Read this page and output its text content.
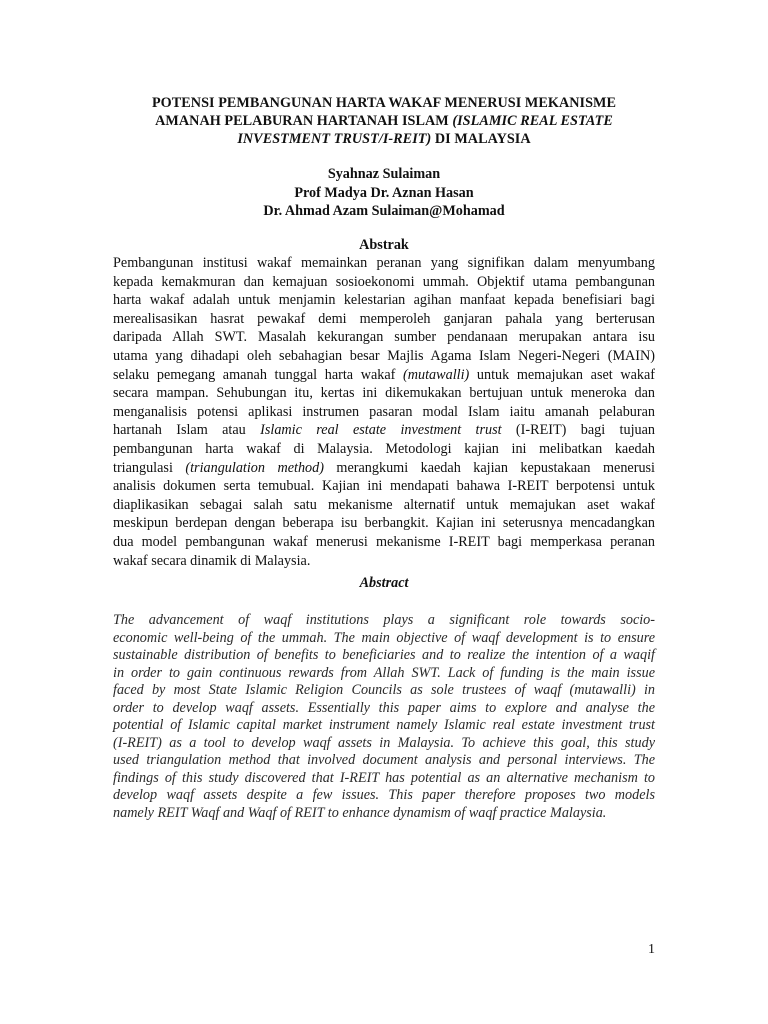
POTENSI PEMBANGUNAN HARTA WAKAF MENERUSI MEKANISME
AMANAH PELABURAN HARTANAH ISLAM (ISLAMIC REAL ESTATE
INVESTMENT TRUST/I-REIT) DI MALAYSIA
Syahnaz Sulaiman
Prof Madya Dr. Aznan Hasan
Dr. Ahmad Azam Sulaiman@Mohamad
Abstrak
Pembangunan institusi wakaf memainkan peranan yang signifikan dalam menyumbang
kepada kemakmuran dan kemajuan sosioekonomi ummah. Objektif utama pembangunan
harta wakaf adalah untuk menjamin kelestarian agihan manfaat kepada benefisiari bagi
merealisasikan hasrat pewakaf demi memperoleh ganjaran pahala yang berterusan
daripada Allah SWT. Masalah kekurangan sumber pendanaan merupakan antara isu
utama yang dihadapi oleh sebahagian besar Majlis Agama Islam Negeri-Negeri (MAIN)
selaku pemegang amanah tunggal harta wakaf (mutawalli) untuk memajukan aset wakaf
secara mampan. Sehubungan itu, kertas ini dikemukakan bertujuan untuk meneroka dan
menganalisis potensi aplikasi instrumen pasaran modal Islam iaitu amanah pelaburan
hartanah Islam atau Islamic real estate investment trust (I-REIT) bagi tujuan
pembangunan harta wakaf di Malaysia. Metodologi kajian ini melibatkan kaedah
triangulasi (triangulation method) merangkumi kaedah kajian kepustakaan menerusi
analisis dokumen serta temubual. Kajian ini mendapati bahawa I-REIT berpotensi untuk
diaplikasikan sebagai salah satu mekanisme alternatif untuk memajukan aset wakaf
meskipun berdepan dengan beberapa isu berbangkit. Kajian ini seterusnya mencadangkan
dua model pembangunan wakaf menerusi mekanisme I-REIT bagi memperkasa peranan
wakaf secara dinamik di Malaysia.
Abstract
The advancement of waqf institutions plays a significant role towards socio-
economic well-being of the ummah. The main objective of waqf development is to ensure
sustainable distribution of benefits to beneficiaries and to realize the intention of a waqif
in order to gain continuous rewards from Allah SWT. Lack of funding is the main issue
faced by most State Islamic Religion Councils as sole trustees of waqf (mutawalli) in
order to develop waqf assets. Essentially this paper aims to explore and analyse the
potential of Islamic capital market instrument namely Islamic real estate investment trust
(I-REIT) as a tool to develop waqf assets in Malaysia. To achieve this goal, this study
used triangulation method that involved document analysis and personal interviews. The
findings of this study discovered that I-REIT has potential as an alternative mechanism to
develop waqf assets despite a few issues. This paper therefore proposes two models
namely REIT Waqf and Waqf of REIT to enhance dynamism of waqf practice Malaysia.
1
